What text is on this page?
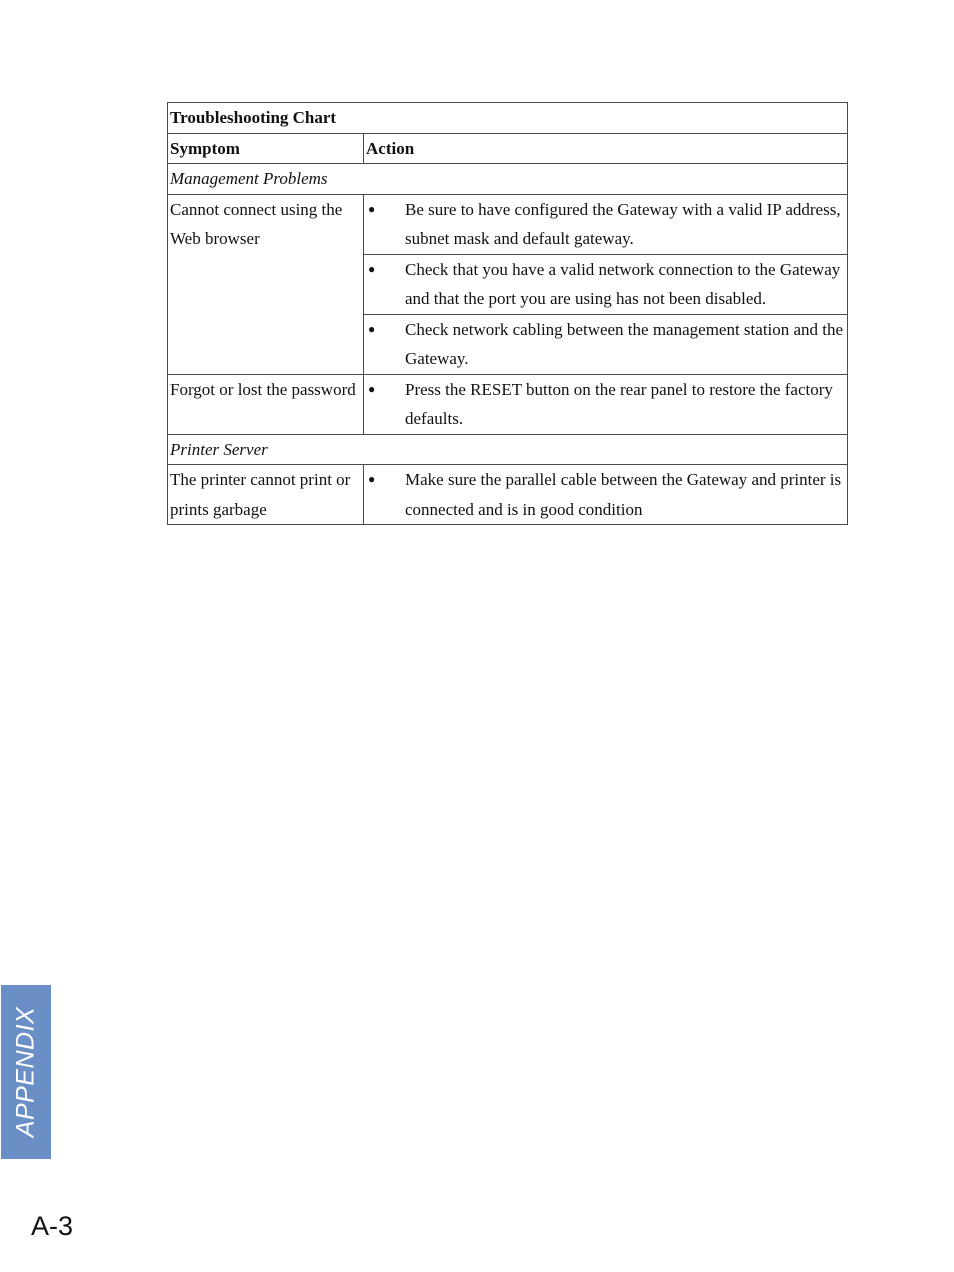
Troubleshooting Chart	
Symptom	Action
Management Problems	
Cannot connect using the Web browser	● Be sure to have configured the Gateway with a valid IP address, subnet mask and default gateway.

	● Check that you have a valid network connection to the Gateway and that the port you are using has not been disabled.

	● Check network cabling between the management station and the Gateway.

Forgot or lost the password	● Press the RESET button on the rear panel to restore the factory defaults.

Printer Server	
The printer cannot print or prints garbage	● Make sure the parallel cable between the Gateway and printer is connected and is in good condition
APPENDIX
A-3
